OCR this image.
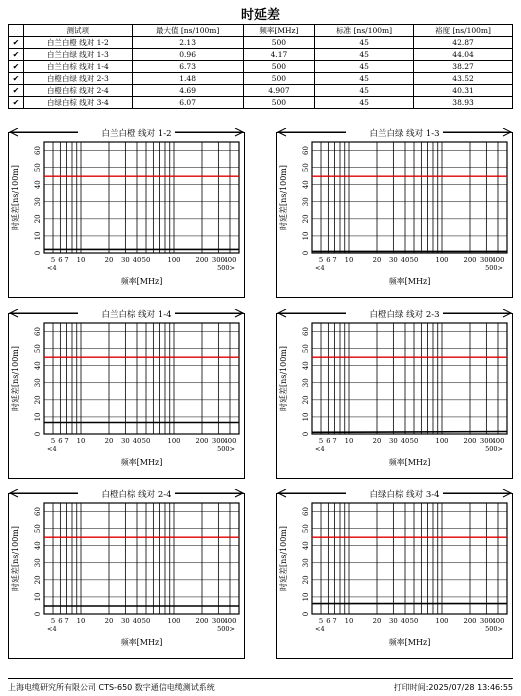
时延差
	测试项	最大值 [ns/100m]	频率[MHz]	标准 [ns/100m]	裕度 [ns/100m]
✔	白兰白橙 线对 1-2	2.13	500	45	42.87
✔	白兰白绿 线对 1-3	0.96	4.17	45	44.04
✔	白兰白棕 线对 1-4	6.73	500	45	38.27
✔	白橙白绿 线对 2-3	1.48	500	45	43.52
✔	白橙白棕 线对 2-4	4.69	4.907	45	40.31
✔	白绿白棕 线对 3-4	6.07	500	45	38.93
白兰白橙 线对 1-2
0
10
20
30
40
50
60
时延差[ns/100m]
5 6 7 10	20 30 40 50	100 200 300
400
<4	500>
频率[MHz]
白兰白绿 线对 1-3
0
10
20
30
40
50
60
时延差[ns/100m]
5 6 7 10	20 30 40 50	100 200 300
400
<4	500>
频率[MHz]
白兰白棕 线对 1-4
0
10
20
30
40
50
60
时延差[ns/100m]
5 6 7 10	20 30 40 50	100 200 300
400
<4	500>
频率[MHz]
白橙白绿 线对 2-3
0
10
20
30
40
50
60
时延差[ns/100m]
5 6 7 10	20 30 40 50	100 200 300
400
<4	500>
频率[MHz]
白橙白棕 线对 2-4
0
10
20
30
40
50
60
时延差[ns/100m]
5 6 7 10	20 30 40 50	100 200 300
400
<4	500>
频率[MHz]
白绿白棕 线对 3-4
0
10
20
30
40
50
60
时延差[ns/100m]
5 6 7 10	20 30 40 50	100 200 300
400
<4	500>
频率[MHz]
上海电缆研究所有限公司 CTS-650 数字通信电缆测试系统	打印时间:2025/07/28 13:46:55
